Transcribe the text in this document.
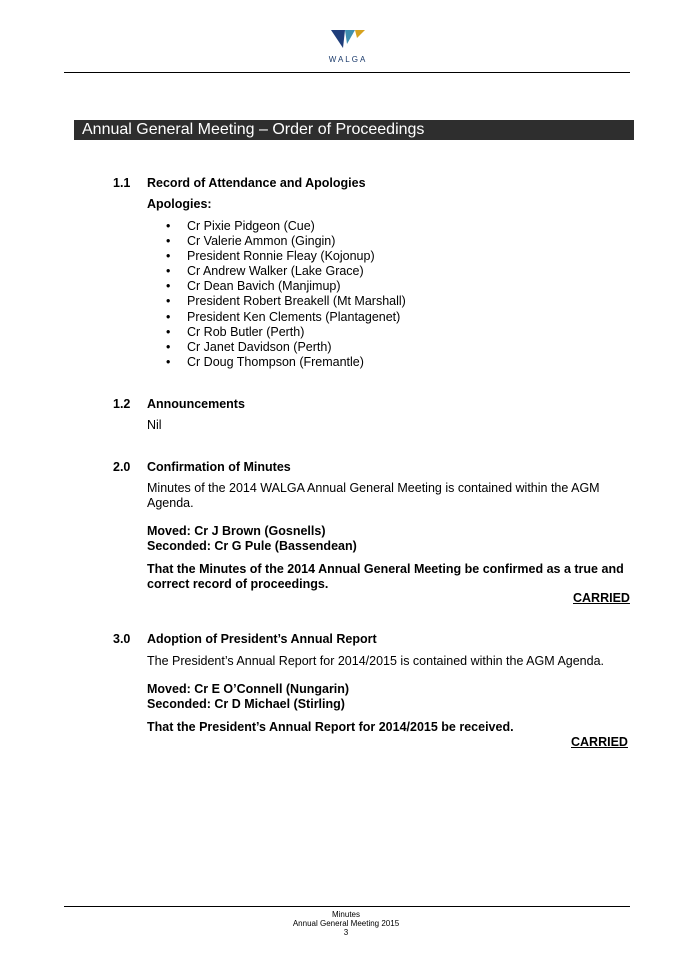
WALGA
Annual General Meeting – Order of Proceedings
1.1 Record of Attendance and Apologies
Apologies:
• Cr Pixie Pidgeon (Cue)
• Cr Valerie Ammon (Gingin)
• President Ronnie Fleay (Kojonup)
• Cr Andrew Walker (Lake Grace)
• Cr Dean Bavich (Manjimup)
• President Robert Breakell (Mt Marshall)
• President Ken Clements (Plantagenet)
• Cr Rob Butler (Perth)
• Cr Janet Davidson (Perth)
• Cr Doug Thompson (Fremantle)
1.2 Announcements
Nil
2.0 Confirmation of Minutes
Minutes of the 2014 WALGA Annual General Meeting is contained within the AGM Agenda.
Moved: Cr J Brown (Gosnells)
Seconded: Cr G Pule (Bassendean)
That the Minutes of the 2014 Annual General Meeting be confirmed as a true and correct record of proceedings.
CARRIED
3.0 Adoption of President’s Annual Report
The President’s Annual Report for 2014/2015 is contained within the AGM Agenda.
Moved: Cr E O’Connell (Nungarin)
Seconded: Cr D Michael (Stirling)
That the President’s Annual Report for 2014/2015 be received.
CARRIED
Minutes
Annual General Meeting 2015
3
